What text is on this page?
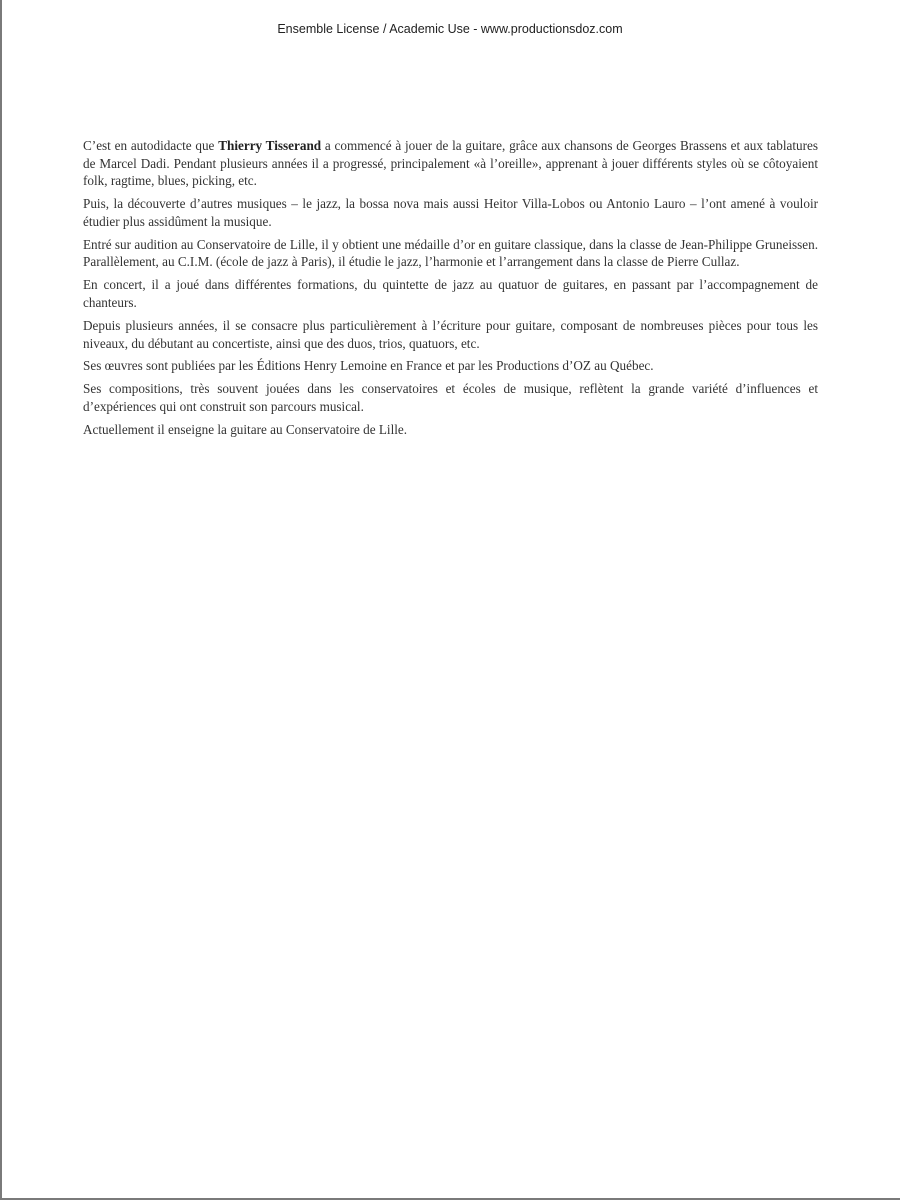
Ensemble License / Academic Use - www.productionsdoz.com

C’est en autodidacte que Thierry Tisserand a commencé à jouer de la guitare, grâce aux chansons de Georges Brassens et aux tablatures de Marcel Dadi. Pendant plusieurs années il a progressé, principalement «à l’oreille», apprenant à jouer différents styles où se côtoyaient folk, ragtime, blues, picking, etc.

Puis, la découverte d’autres musiques – le jazz, la bossa nova mais aussi Heitor Villa-Lobos ou Antonio Lauro – l’ont amené à vouloir étudier plus assidûment la musique.

Entré sur audition au Conservatoire de Lille, il y obtient une médaille d’or en guitare classique, dans la classe de Jean-Philippe Gruneissen. Parallèlement, au C.I.M. (école de jazz à Paris), il étudie le jazz, l’harmonie et l’arrangement dans la classe de Pierre Cullaz.

En concert, il a joué dans différentes formations, du quintette de jazz au quatuor de guitares, en passant par l’accompagnement de chanteurs.

Depuis plusieurs années, il se consacre plus particulièrement à l’écriture pour guitare, composant de nombreuses pièces pour tous les niveaux, du débutant au concertiste, ainsi que des duos, trios, quatuors, etc.

Ses œuvres sont publiées par les Éditions Henry Lemoine en France et par les Productions d’OZ au Québec.

Ses compositions, très souvent jouées dans les conservatoires et écoles de musique, reflètent la grande variété d’influences et d’expériences qui ont construit son parcours musical.

Actuellement il enseigne la guitare au Conservatoire de Lille.
